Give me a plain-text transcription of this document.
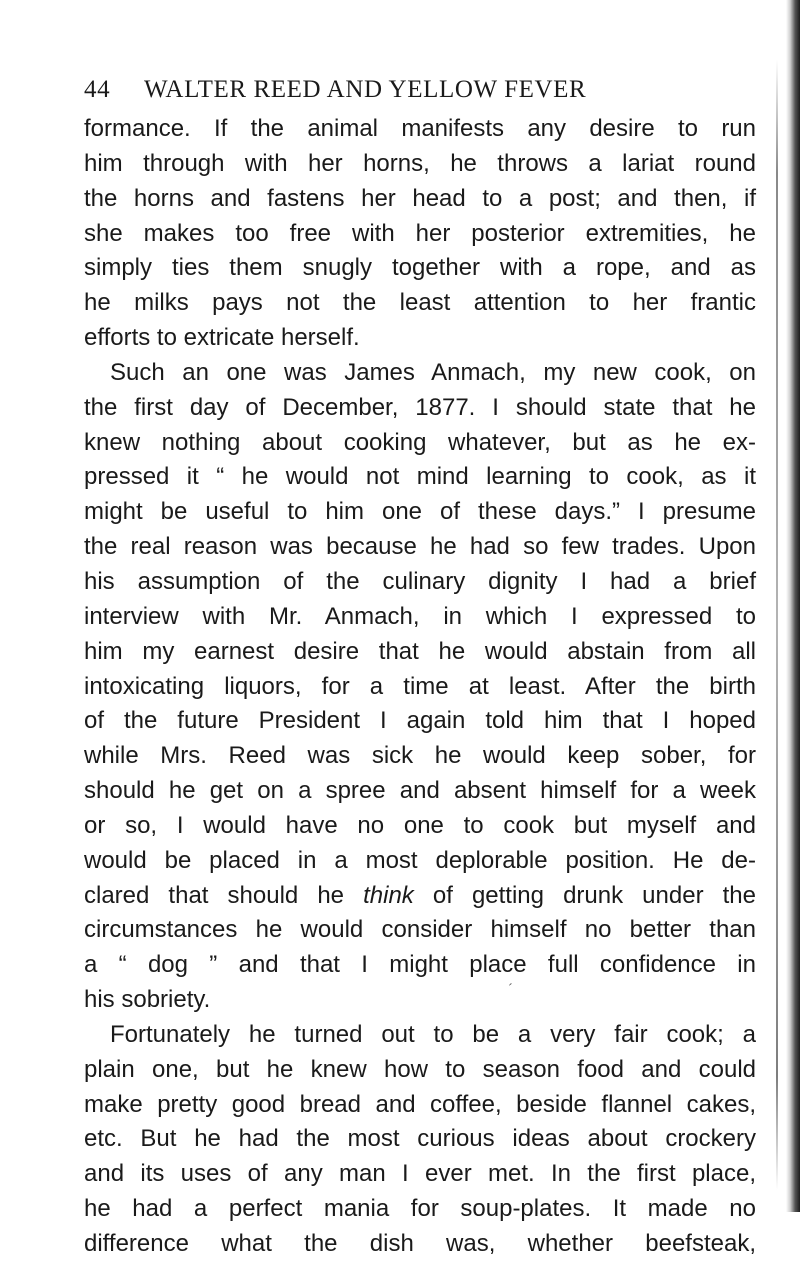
44 WALTER REED AND YELLOW FEVER
formance. If the animal manifests any desire to run
him through with her horns, he throws a lariat round
the horns and fastens her head to a post; and then, if
she makes too free with her posterior extremities, he
simply ties them snugly together with a rope, and as
he milks pays not the least attention to her frantic
efforts to extricate herself.
Such an one was James Anmach, my new cook, on
the first day of December, 1877. I should state that he
knew nothing about cooking whatever, but as he ex-
pressed it “ he would not mind learning to cook, as it
might be useful to him one of these days.” I presume
the real reason was because he had so few trades. Upon
his assumption of the culinary dignity I had a brief
interview with Mr. Anmach, in which I expressed to
him my earnest desire that he would abstain from all
intoxicating liquors, for a time at least. After the birth
of the future President I again told him that I hoped
while Mrs. Reed was sick he would keep sober, for
should he get on a spree and absent himself for a week
or so, I would have no one to cook but myself and
would be placed in a most deplorable position. He de-
clared that should he think of getting drunk under the
circumstances he would consider himself no better than
a “ dog ” and that I might place full confidence in
his sobriety.
Fortunately he turned out to be a very fair cook; a
plain one, but he knew how to season food and could
make pretty good bread and coffee, beside flannel cakes,
etc. But he had the most curious ideas about crockery
and its uses of any man I ever met. In the first place,
he had a perfect mania for soup-plates. It made no
difference what the dish was, whether beefsteak,
ˊ
